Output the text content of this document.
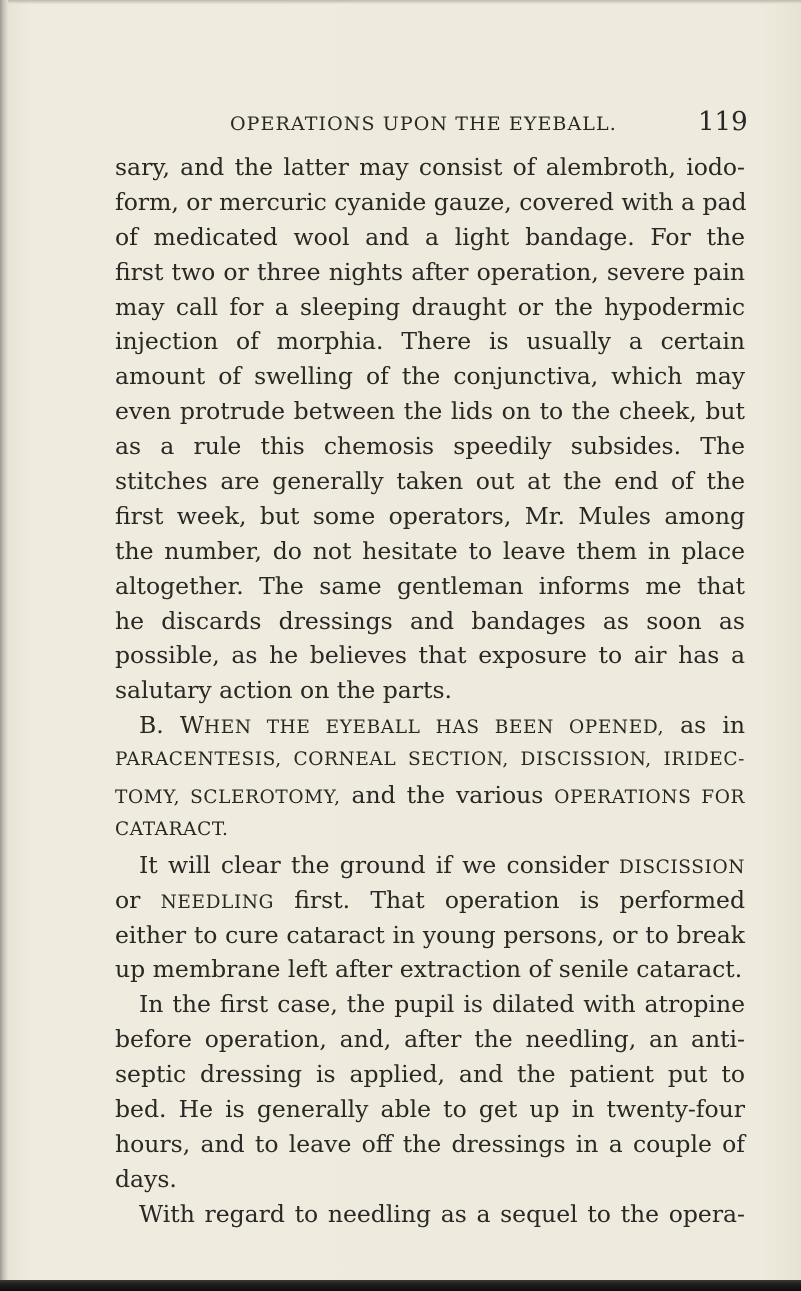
OPERATIONS UPON THE EYEBALL.	119
sary, and the latter may consist of alembroth, iodo-
form, or mercuric cyanide gauze, covered with a pad
of medicated wool and a light bandage. For the
first two or three nights after operation, severe pain
may call for a sleeping draught or the hypodermic
injection of morphia. There is usually a certain
amount of swelling of the conjunctiva, which may
even protrude between the lids on to the cheek, but
as a rule this chemosis speedily subsides. The
stitches are generally taken out at the end of the
first week, but some operators, Mr. Mules among
the number, do not hesitate to leave them in place
altogether. The same gentleman informs me that
he discards dressings and bandages as soon as
possible, as he believes that exposure to air has a
salutary action on the parts.
B. WHEN THE EYEBALL HAS BEEN OPENED, as in
PARACENTESIS, CORNEAL SECTION, DISCISSION, IRIDEC-
TOMY, SCLEROTOMY, and the various OPERATIONS FOR
CATARACT.
It will clear the ground if we consider DISCISSION
or NEEDLING first. That operation is performed
either to cure cataract in young persons, or to break
up membrane left after extraction of senile cataract.
In the first case, the pupil is dilated with atropine
before operation, and, after the needling, an anti-
septic dressing is applied, and the patient put to
bed. He is generally able to get up in twenty-four
hours, and to leave off the dressings in a couple of
days.
With regard to needling as a sequel to the opera-
